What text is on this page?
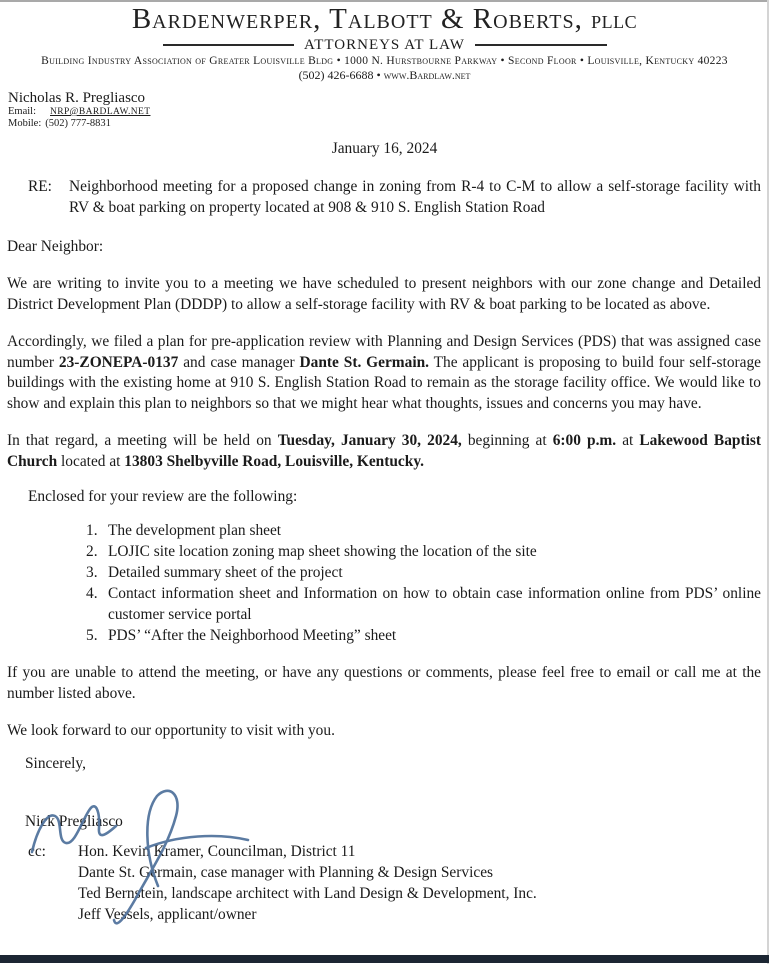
Bardenwerper, Talbott & Roberts, PLLC
ATTORNEYS AT LAW
Building Industry Association of Greater Louisville Bldg • 1000 N. Hurstbourne Parkway • Second Floor • Louisville, Kentucky 40223
(502) 426-6688 • www.Bardlaw.net
Nicholas R. Pregliasco
Email: NRP@BARDLAW.NET
Mobile: (502) 777-8831
January 16, 2024
RE:	Neighborhood meeting for a proposed change in zoning from R-4 to C-M to allow a self-storage facility with RV & boat parking on property located at 908 & 910 S. English Station Road
Dear Neighbor:

We are writing to invite you to a meeting we have scheduled to present neighbors with our zone change and Detailed District Development Plan (DDDP) to allow a self-storage facility with RV & boat parking to be located as above.

Accordingly, we filed a plan for pre-application review with Planning and Design Services (PDS) that was assigned case number 23-ZONEPA-0137 and case manager Dante St. Germain. The applicant is proposing to build four self-storage buildings with the existing home at 910 S. English Station Road to remain as the storage facility office. We would like to show and explain this plan to neighbors so that we might hear what thoughts, issues and concerns you may have.

In that regard, a meeting will be held on Tuesday, January 30, 2024, beginning at 6:00 p.m. at Lakewood Baptist Church located at 13803 Shelbyville Road, Louisville, Kentucky.

Enclosed for your review are the following:
1. The development plan sheet
2. LOJIC site location zoning map sheet showing the location of the site
3. Detailed summary sheet of the project
4. Contact information sheet and Information on how to obtain case information online from PDS’ online customer service portal
5. PDS’ “After the Neighborhood Meeting” sheet

If you are unable to attend the meeting, or have any questions or comments, please feel free to email or call me at the number listed above.

We look forward to our opportunity to visit with you.

Sincerely,
Nick Pregliasco
cc:	Hon. Kevin Kramer, Councilman, District 11
Dante St. Germain, case manager with Planning & Design Services
Ted Bernstein, landscape architect with Land Design & Development, Inc.
Jeff Vessels, applicant/owner
